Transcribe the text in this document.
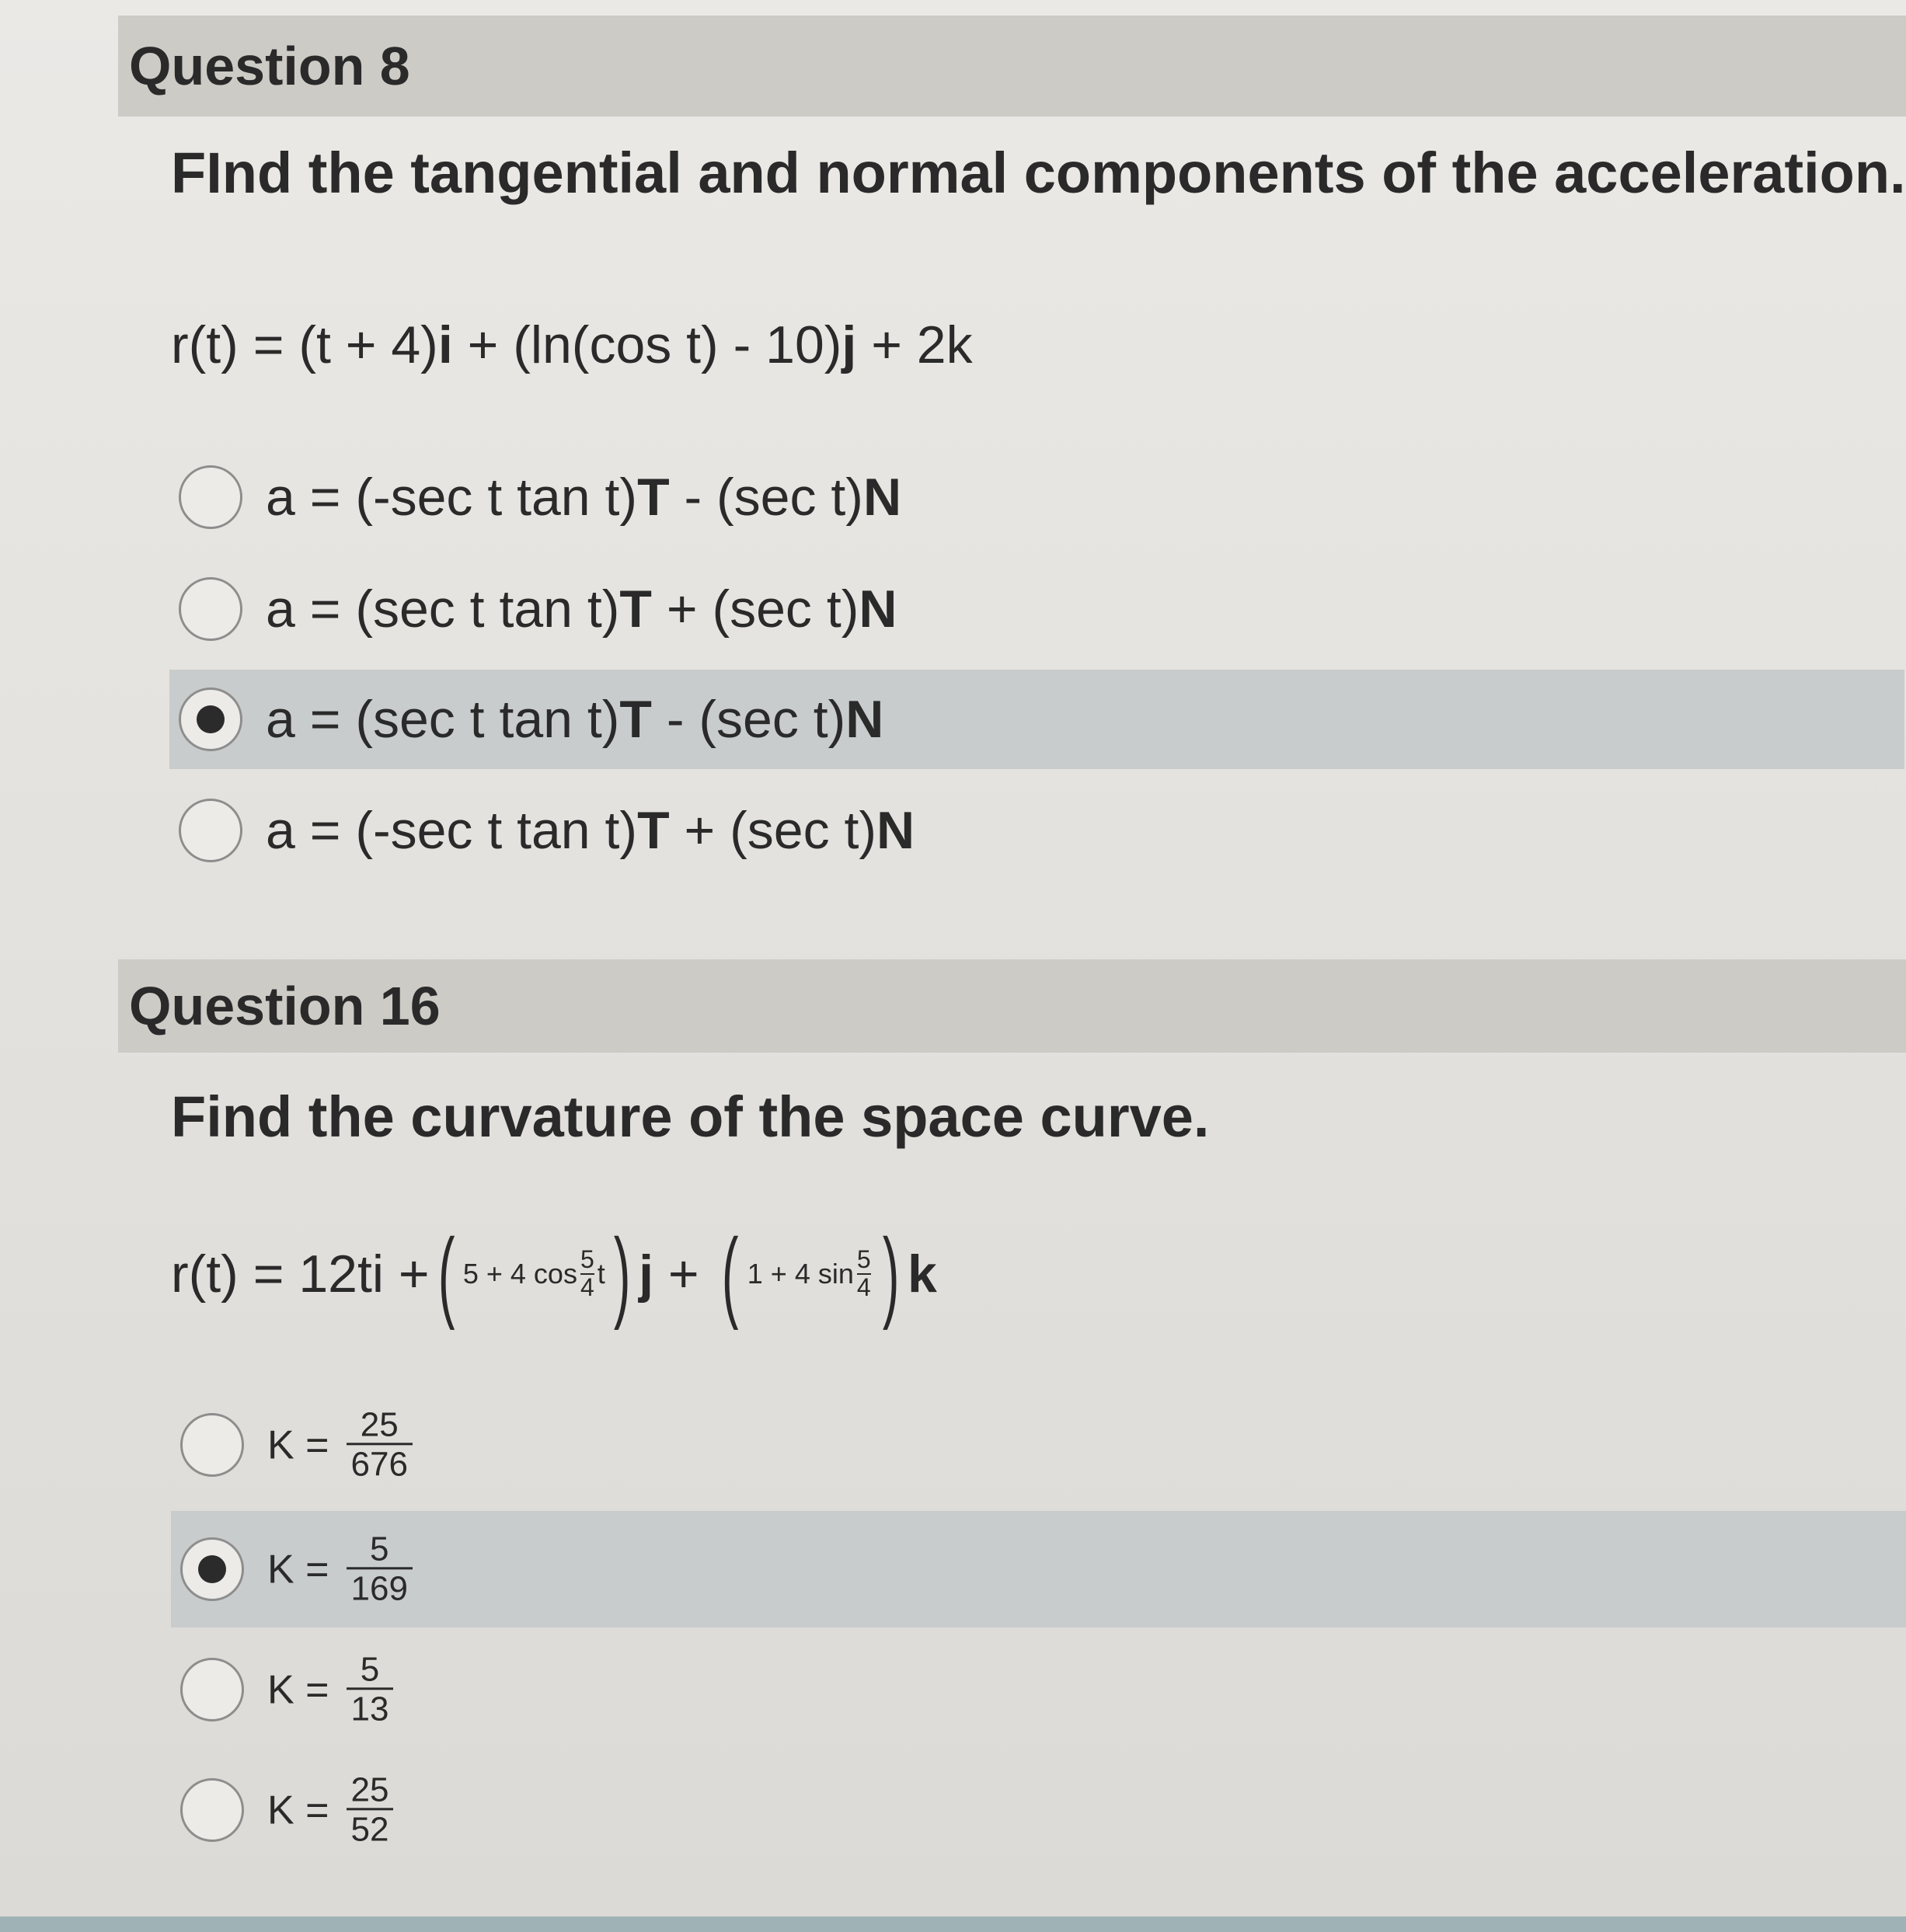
Question 8
FInd the tangential and normal components of the acceleration.
r(t) = (t + 4)i + (ln(cos t) - 10)j + 2k
a = (-sec t tan t)T - (sec t)N
a = (sec t tan t)T + (sec t)N
a = (sec t tan t)T - (sec t)N
a = (-sec t tan t)T + (sec t)N
Question 16
Find the curvature of the space curve.
r(t) = 12ti + ( 5 + 4 $\cos \frac{5}{4}$ t ) j + ( 1 + 4 $\sin \frac{5}{4}$ ) k
$K = \frac{25}{676}$
$K = \frac{5}{169}$
$K = \frac{5}{13}$
$K = \frac{25}{52}$
